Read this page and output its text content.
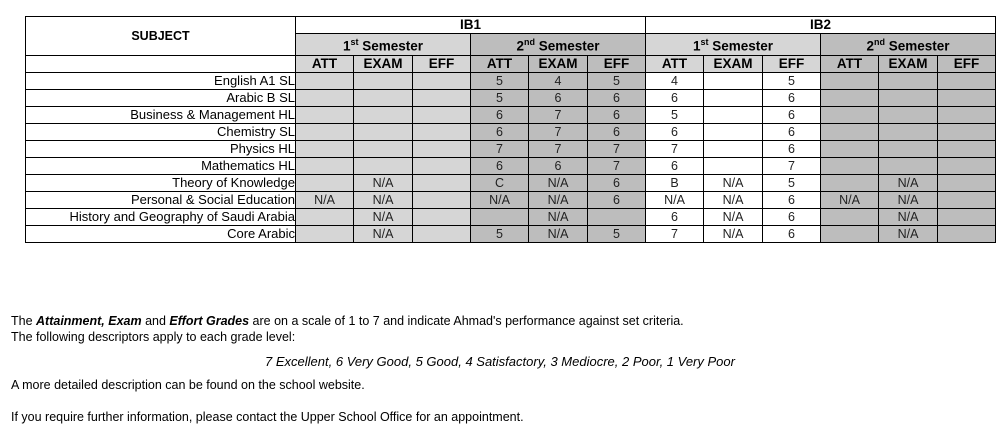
SUBJECT	IB1						IB2					
	1st Semester			2nd Semester			1st Semester			2nd Semester		
	ATT	EXAM	EFF	ATT	EXAM	EFF	ATT	EXAM	EFF	ATT	EXAM	EFF
English A1 SL				5	4	5	4		5			
Arabic B SL				5	6	6	6		6			
Business & Management HL				6	7	6	5		6			
Chemistry SL				6	7	6	6		6			
Physics HL				7	7	7	7		6			
Mathematics HL				6	6	7	6		7			
Theory of Knowledge		N/A		C	N/A	6	B	N/A	5		N/A	
Personal & Social Education	N/A	N/A		N/A	N/A	6	N/A	N/A	6	N/A	N/A	
History and Geography of Saudi Arabia		N/A			N/A		6	N/A	6		N/A	
Core Arabic		N/A		5	N/A	5	7	N/A	6		N/A	
The Attainment, Exam and Effort Grades are on a scale of 1 to 7 and indicate Ahmad's performance against set criteria.
The following descriptors apply to each grade level:
7 Excellent, 6 Very Good, 5 Good, 4 Satisfactory, 3 Mediocre, 2 Poor, 1 Very Poor
A more detailed description can be found on the school website.
If you require further information, please contact the Upper School Office for an appointment.
